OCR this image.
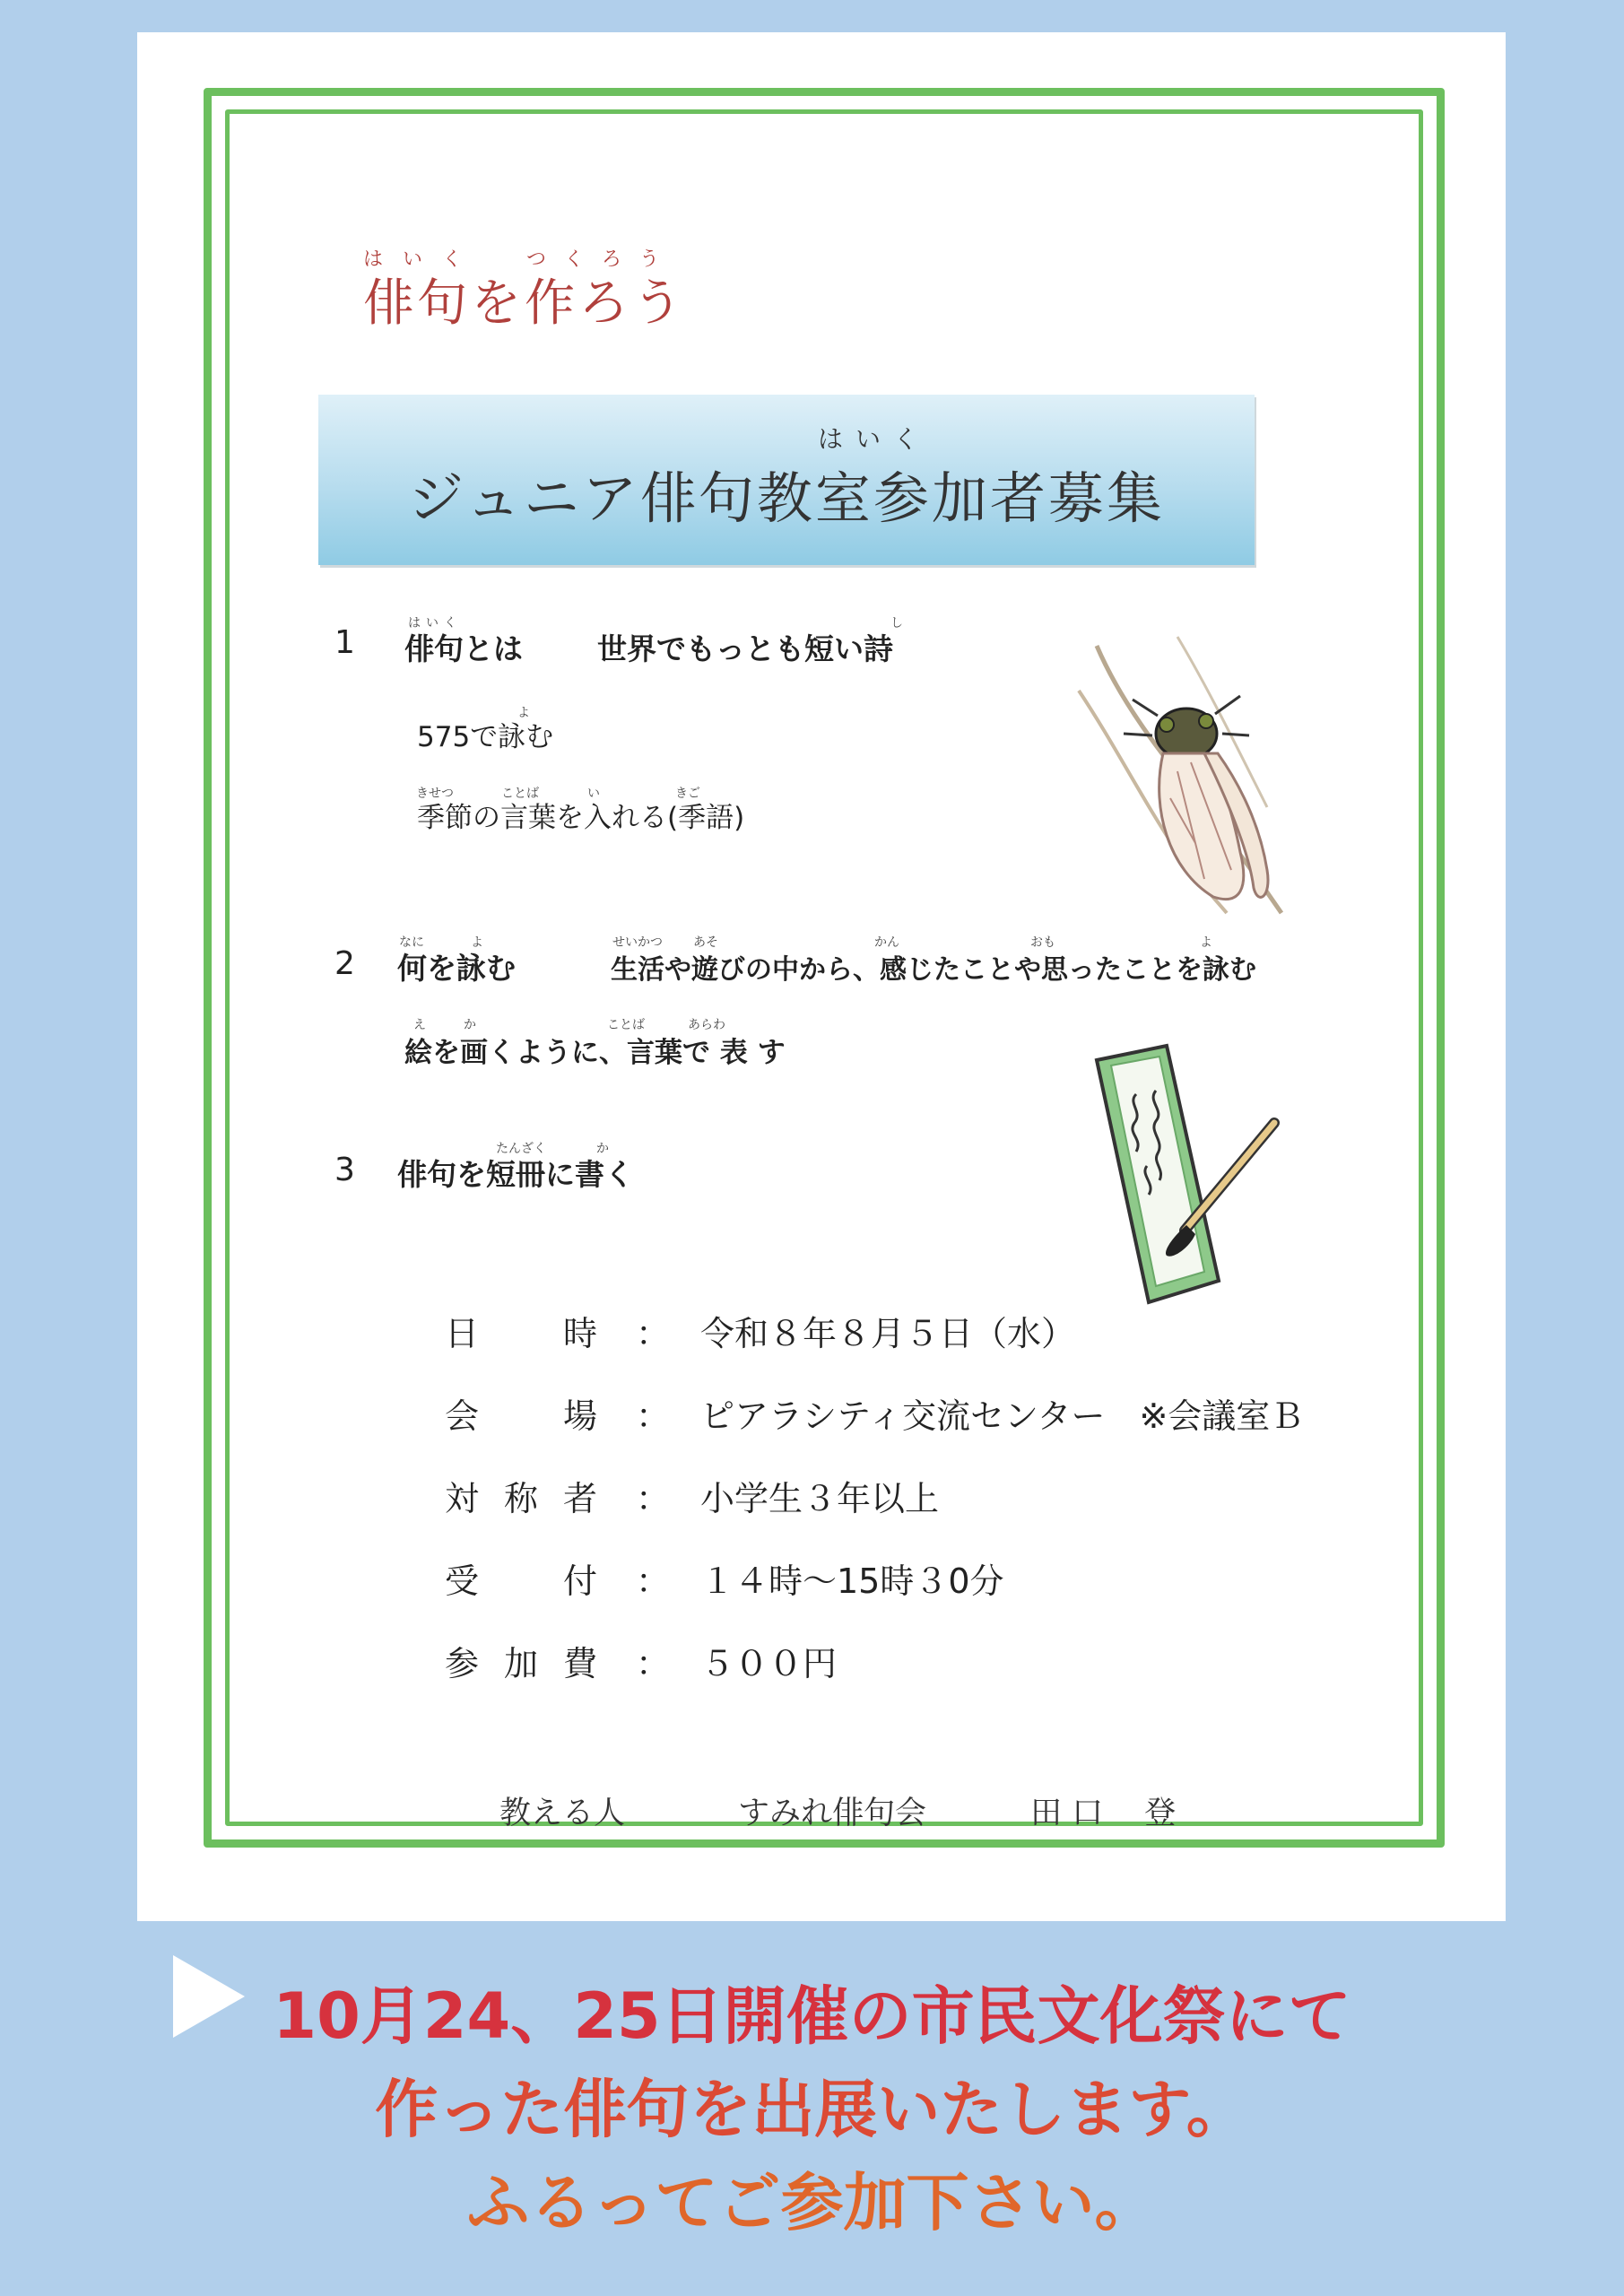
はいく つくろう
俳句を作ろう
はいく
ジュニア俳句教室参加者募集
1
はいく
俳句とは
し
世界でもっとも短い詩
よ
575で詠む
きせつ	ことば	い	きご
季節の言葉を入れる(季語)
2
なに	よ
何を詠む
せいかつ あそ	かん	おも	よ
生活や遊びの中から、感じたことや思ったことを詠む
え	か	ことば	あらわ
絵を画くように、言葉で 表 す
3
たんざく	か
俳句を短冊に書く
日 時 ： 令和８年８月５日（水）
会 場 ： ピアラシティ交流センター　※会議室Ｂ
対 称 者 ： 小学生３年以上
受 付 ： １４時～15時３0分
参 加 費 ： ５００円
教える人	すみれ俳句会	田 口　 登
10月24、25日開催の市民文化祭にて
作った俳句を出展いたします。
ふるってご参加下さい。
